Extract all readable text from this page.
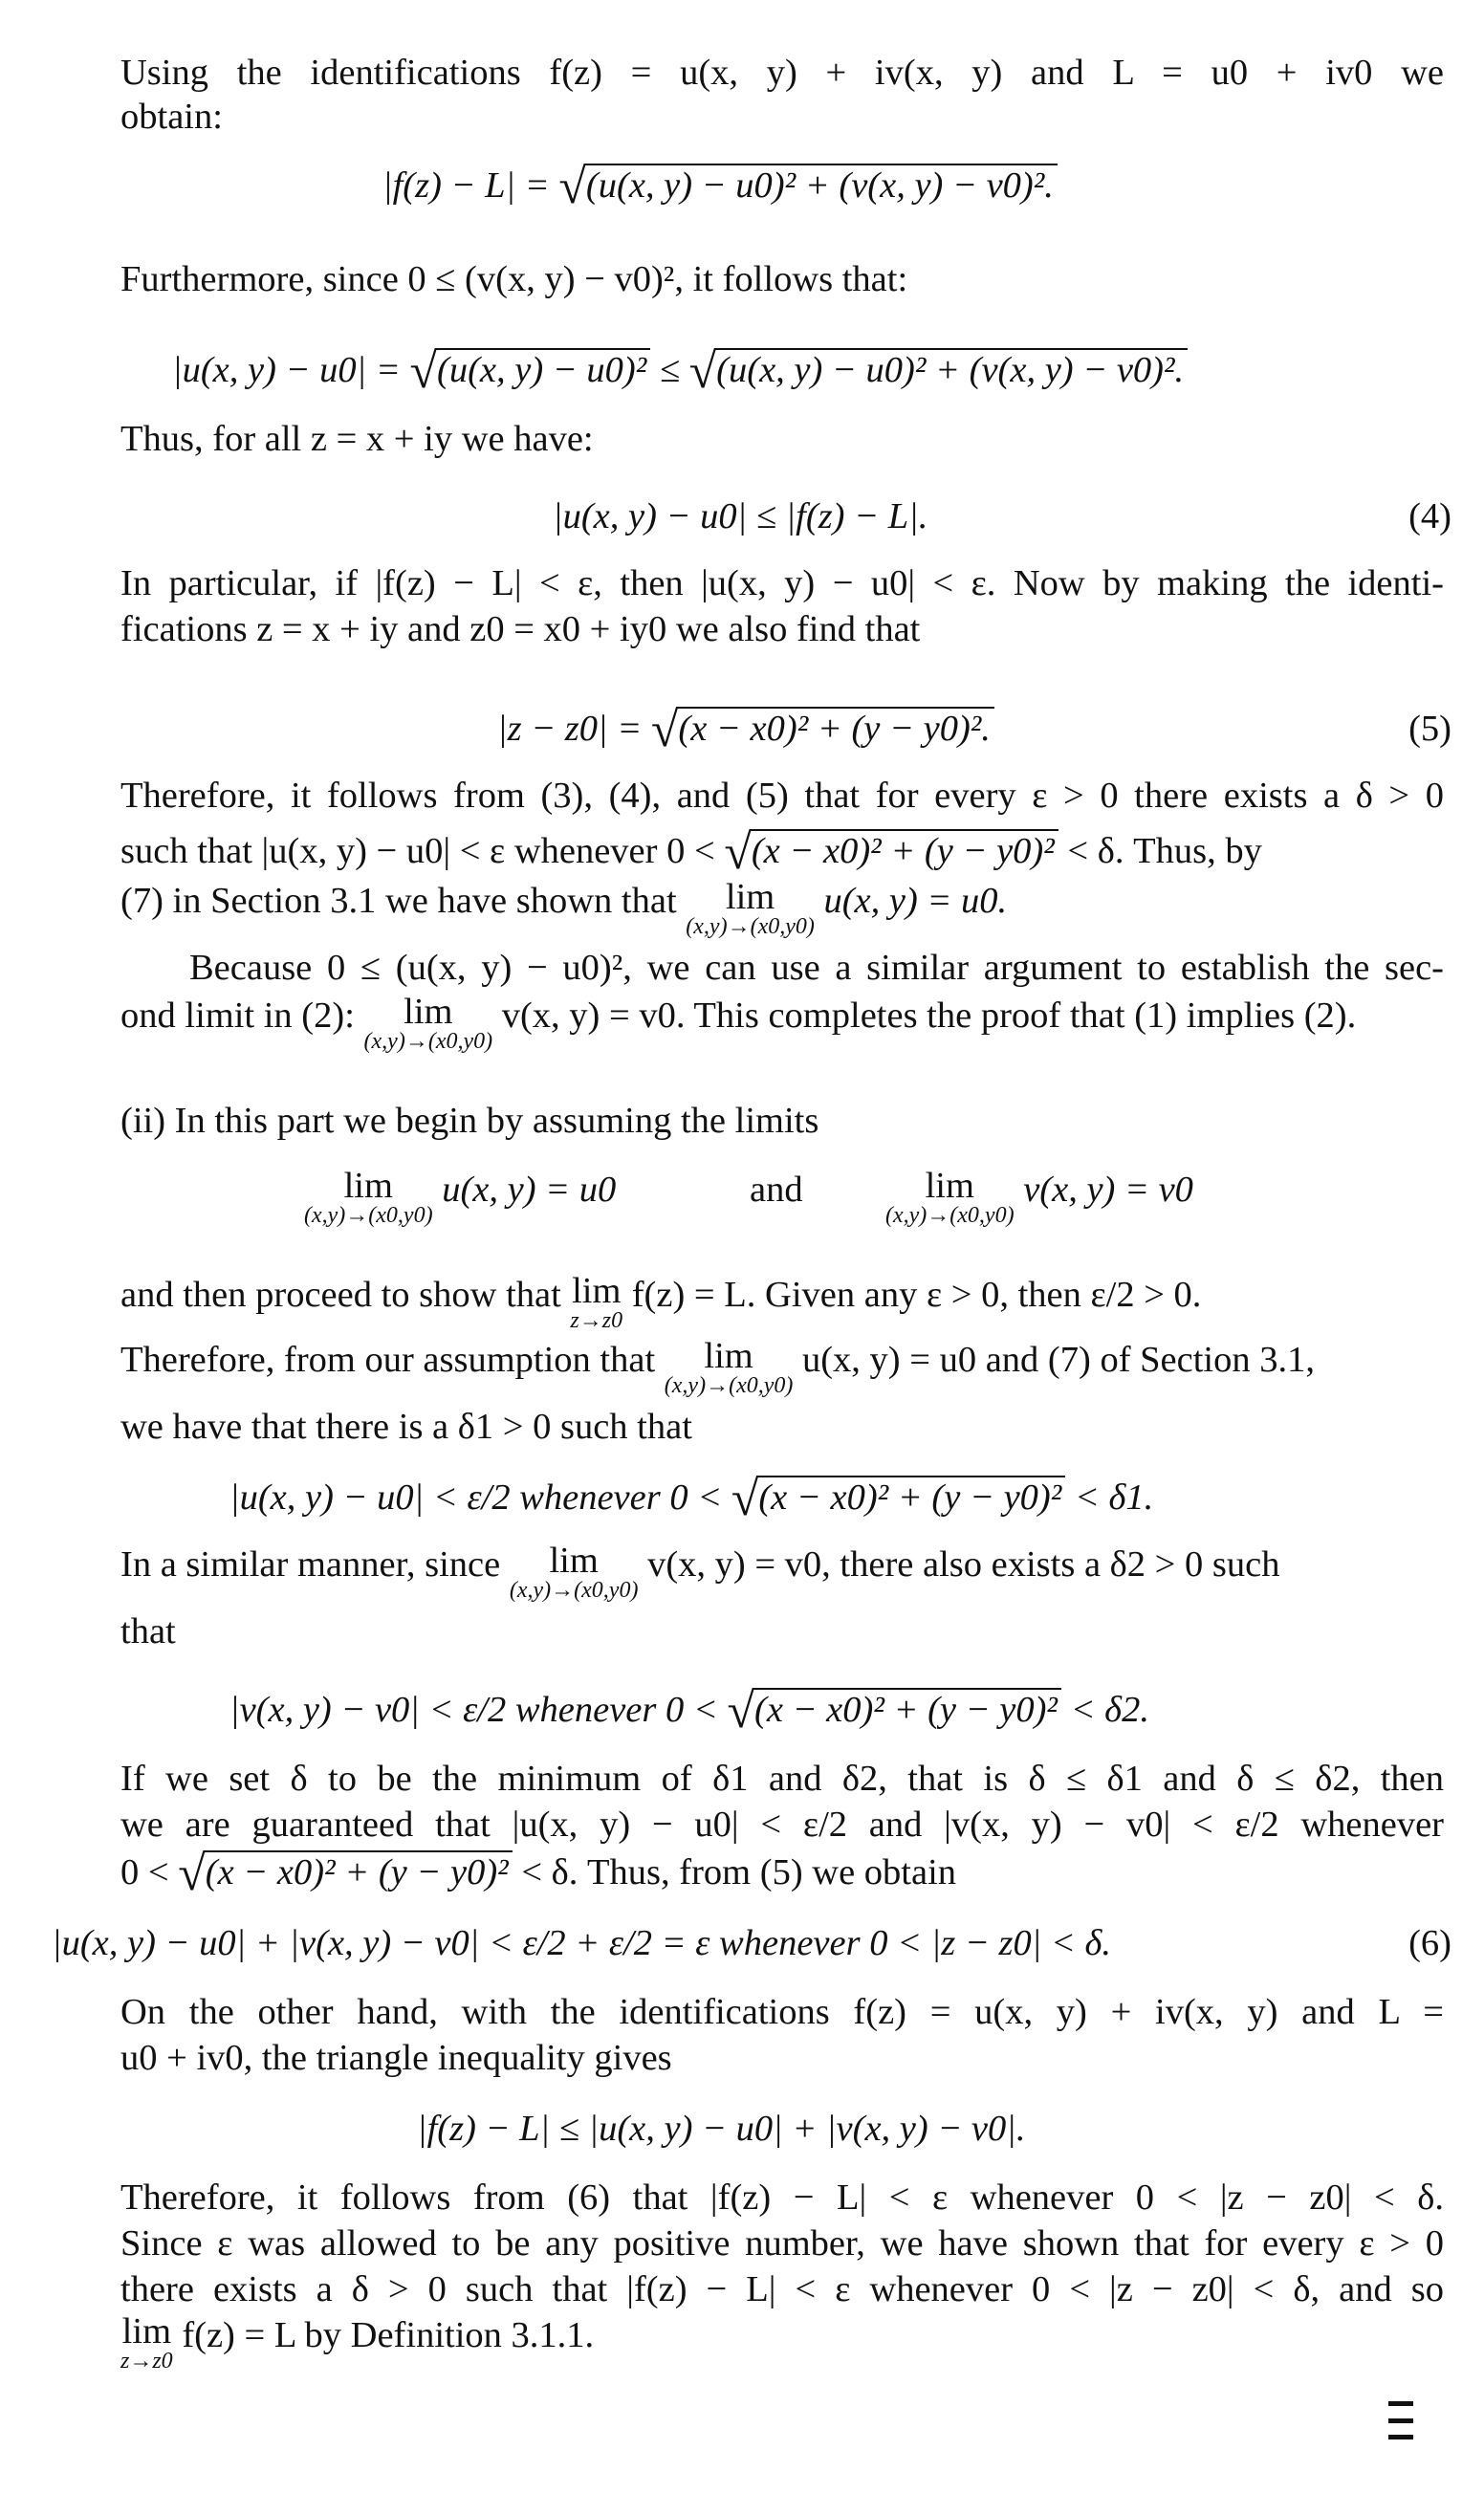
Using the identifications f(z) = u(x, y) + iv(x, y) and L = u0 + iv0 we
obtain:
|f(z) − L| = √(u(x, y) − u0)² + (v(x, y) − v0)².
Furthermore, since 0 ≤ (v(x, y) − v0)², it follows that:
|u(x, y) − u0| = √(u(x, y) − u0)² ≤ √(u(x, y) − u0)² + (v(x, y) − v0)².
Thus, for all z = x + iy we have:
|u(x, y) − u0| ≤ |f(z) − L|.	(4)
In particular, if |f(z) − L| < ε, then |u(x, y) − u0| < ε. Now by making the identi-
fications z = x + iy and z0 = x0 + iy0 we also find that
|z − z0| = √(x − x0)² + (y − y0)².	(5)
Therefore, it follows from (3), (4), and (5) that for every ε > 0 there exists a δ > 0
such that |u(x, y) − u0| < ε whenever 0 < √(x − x0)² + (y − y0)² < δ. Thus, by
(7) in Section 3.1 we have shown that lim
(x,y)→(x0,y0)
u(x, y) = u0.
Because 0 ≤ (u(x, y) − u0)², we can use a similar argument to establish the sec-
ond limit in (2): lim
(x,y)→(x0,y0)
v(x, y) = v0. This completes the proof that (1) implies (2).
(ii) In this part we begin by assuming the limits
lim
(x,y)→(x0,y0)
u(x, y) = u0	and	lim
(x,y)→(x0,y0)
v(x, y) = v0
and then proceed to show that lim
z→z0
f(z) = L. Given any ε > 0, then ε/2 > 0.
Therefore, from our assumption that lim
(x,y)→(x0,y0)
u(x, y) = u0 and (7) of Section 3.1,
we have that there is a δ1 > 0 such that
|u(x, y) − u0| < ε/2 whenever 0 < √(x − x0)² + (y − y0)² < δ1.
In a similar manner, since lim
(x,y)→(x0,y0)
v(x, y) = v0, there also exists a δ2 > 0 such
that
|v(x, y) − v0| < ε/2 whenever 0 < √(x − x0)² + (y − y0)² < δ2.
If we set δ to be the minimum of δ1 and δ2, that is δ ≤ δ1 and δ ≤ δ2, then
we are guaranteed that |u(x, y) − u0| < ε/2 and |v(x, y) − v0| < ε/2 whenever
0 < √(x − x0)² + (y − y0)² < δ. Thus, from (5) we obtain
|u(x, y) − u0| + |v(x, y) − v0| < ε/2 + ε/2 = ε whenever 0 < |z − z0| < δ.	(6)
On the other hand, with the identifications f(z) = u(x, y) + iv(x, y) and L =
u0 + iv0, the triangle inequality gives
|f(z) − L| ≤ |u(x, y) − u0| + |v(x, y) − v0|.
Therefore, it follows from (6) that |f(z) − L| < ε whenever 0 < |z − z0| < δ.
Since ε was allowed to be any positive number, we have shown that for every ε > 0
there exists a δ > 0 such that |f(z) − L| < ε whenever 0 < |z − z0| < δ, and so
lim
z→z0
f(z) = L by Definition 3.1.1.
